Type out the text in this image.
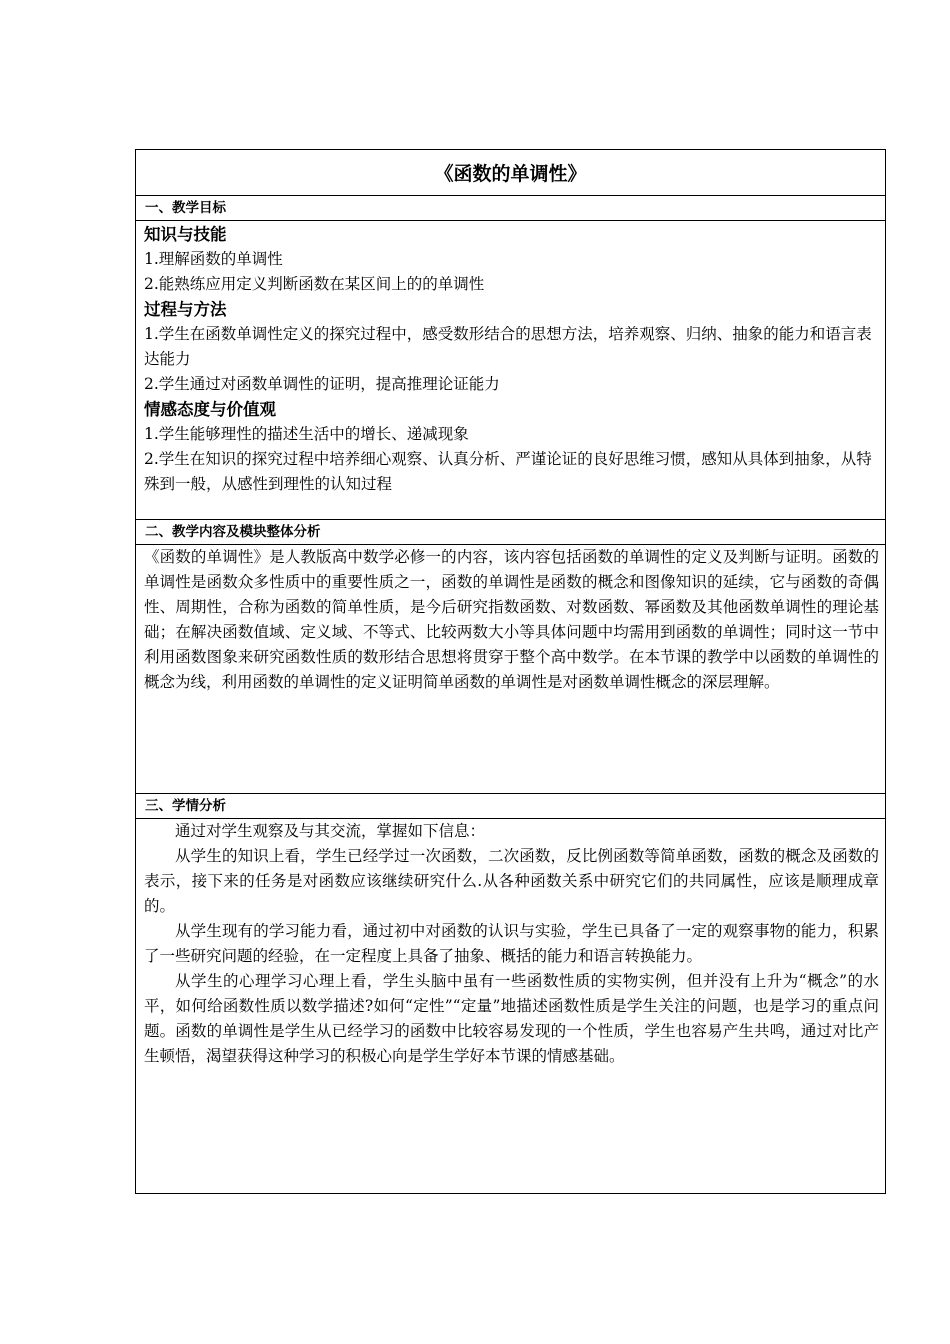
《函数的单调性》
一、教学目标
知识与技能

1.理解函数的单调性

2.能熟练应用定义判断函数在某区间上的的单调性

过程与方法

1.学生在函数单调性定义的探究过程中，感受数形结合的思想方法，培养观察、归纳、抽象的能力和语言表达能力

2.学生通过对函数单调性的证明，提高推理论证能力

情感态度与价值观

1.学生能够理性的描述生活中的增长、递减现象

2.学生在知识的探究过程中培养细心观察、认真分析、严谨论证的良好思维习惯，感知从具体到抽象，从特殊到一般，从感性到理性的认知过程

二、教学内容及模块整体分析

《函数的单调性》是人教版高中数学必修一的内容，该内容包括函数的单调性的定义及判断与证明。函数的单调性是函数众多性质中的重要性质之一，函数的单调性是函数的概念和图像知识的延续，它与函数的奇偶性、周期性，合称为函数的简单性质，是今后研究指数函数、对数函数、幂函数及其他函数单调性的理论基础；在解决函数值域、定义域、不等式、比较两数大小等具体问题中均需用到函数的单调性；同时这一节中利用函数图象来研究函数性质的数形结合思想将贯穿于整个高中数学。在本节课的教学中以函数的单调性的概念为线，利用函数的单调性的定义证明简单函数的单调性是对函数单调性概念的深层理解。

三、学情分析

通过对学生观察及与其交流，掌握如下信息：

从学生的知识上看，学生已经学过一次函数，二次函数，反比例函数等简单函数，函数的概念及函数的表示，接下来的任务是对函数应该继续研究什么.从各种函数关系中研究它们的共同属性，应该是顺理成章的。

从学生现有的学习能力看，通过初中对函数的认识与实验，学生已具备了一定的观察事物的能力，积累了一些研究问题的经验，在一定程度上具备了抽象、概括的能力和语言转换能力。

从学生的心理学习心理上看，学生头脑中虽有一些函数性质的实物实例，但并没有上升为“概念”的水平，如何给函数性质以数学描述?如何“定性”“定量”地描述函数性质是学生关注的问题，也是学习的重点问题。函数的单调性是学生从已经学习的函数中比较容易发现的一个性质，学生也容易产生共鸣，通过对比产生顿悟，渴望获得这种学习的积极心向是学生学好本节课的情感基础。
